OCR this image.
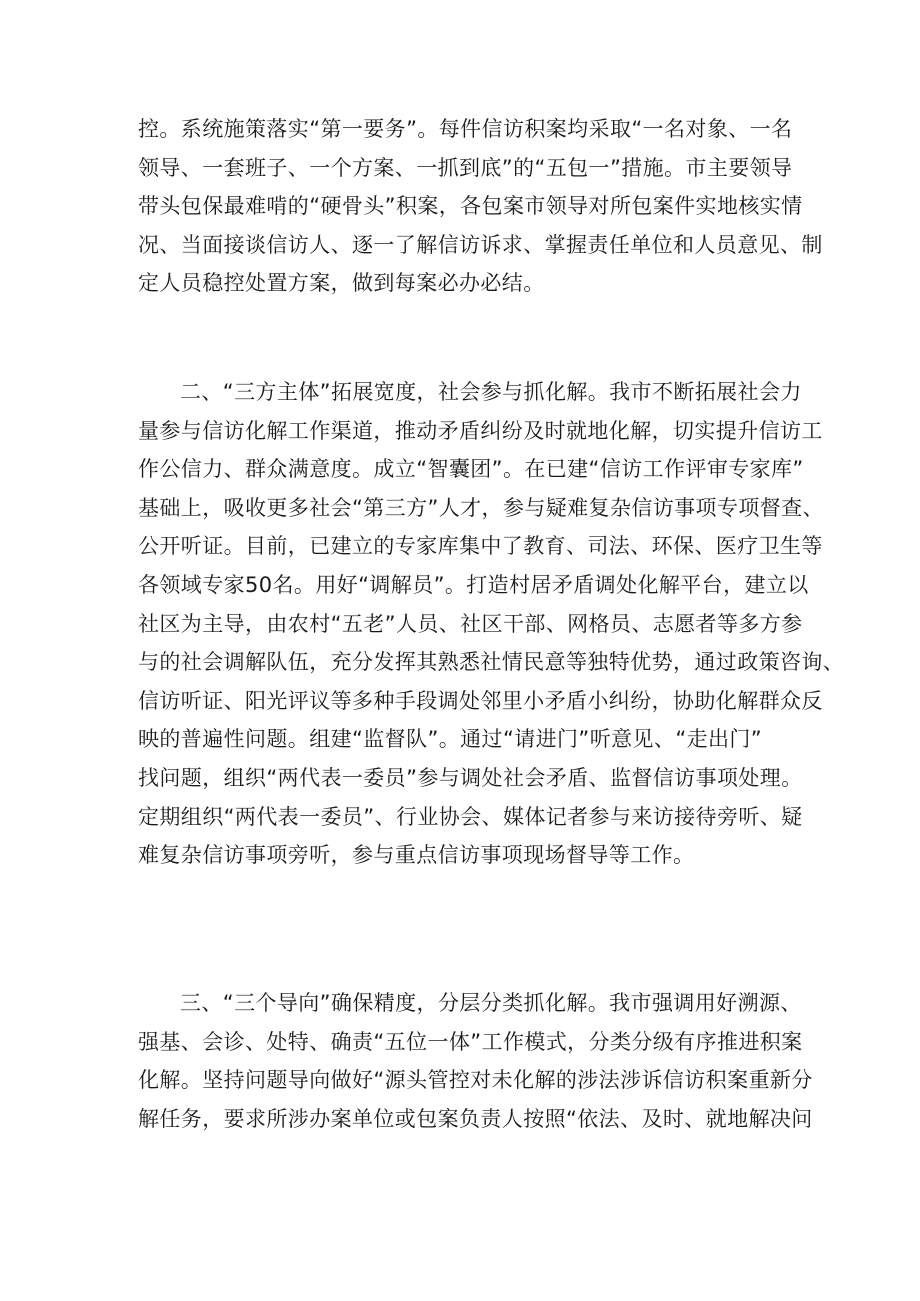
控。系统施策落实“第一要务”。每件信访积案均采取“一名对象、一名
领导、一套班子、一个方案、一抓到底”的“五包一”措施。市主要领导
带头包保最难啃的“硬骨头”积案，各包案市领导对所包案件实地核实情
况、当面接谈信访人、逐一了解信访诉求、掌握责任单位和人员意见、制
定人员稳控处置方案，做到每案必办必结。
二、“三方主体”拓展宽度，社会参与抓化解。我市不断拓展社会力
量参与信访化解工作渠道，推动矛盾纠纷及时就地化解，切实提升信访工
作公信力、群众满意度。成立“智囊团”。在已建“信访工作评审专家库”
基础上，吸收更多社会“第三方”人才，参与疑难复杂信访事项专项督查、
公开听证。目前，已建立的专家库集中了教育、司法、环保、医疗卫生等
各领域专家50名。用好“调解员”。打造村居矛盾调处化解平台，建立以
社区为主导，由农村“五老”人员、社区干部、网格员、志愿者等多方参
与的社会调解队伍，充分发挥其熟悉社情民意等独特优势，通过政策咨询、
信访听证、阳光评议等多种手段调处邻里小矛盾小纠纷，协助化解群众反
映的普遍性问题。组建“监督队”。通过“请进门”听意见、“走出门”
找问题，组织“两代表一委员”参与调处社会矛盾、监督信访事项处理。
定期组织“两代表一委员”、行业协会、媒体记者参与来访接待旁听、疑
难复杂信访事项旁听，参与重点信访事项现场督导等工作。
三、“三个导向”确保精度，分层分类抓化解。我市强调用好溯源、
强基、会诊、处特、确责“五位一体”工作模式，分类分级有序推进积案
化解。坚持问题导向做好“源头管控对未化解的涉法涉诉信访积案重新分
解任务，要求所涉办案单位或包案负责人按照“依法、及时、就地解决问
